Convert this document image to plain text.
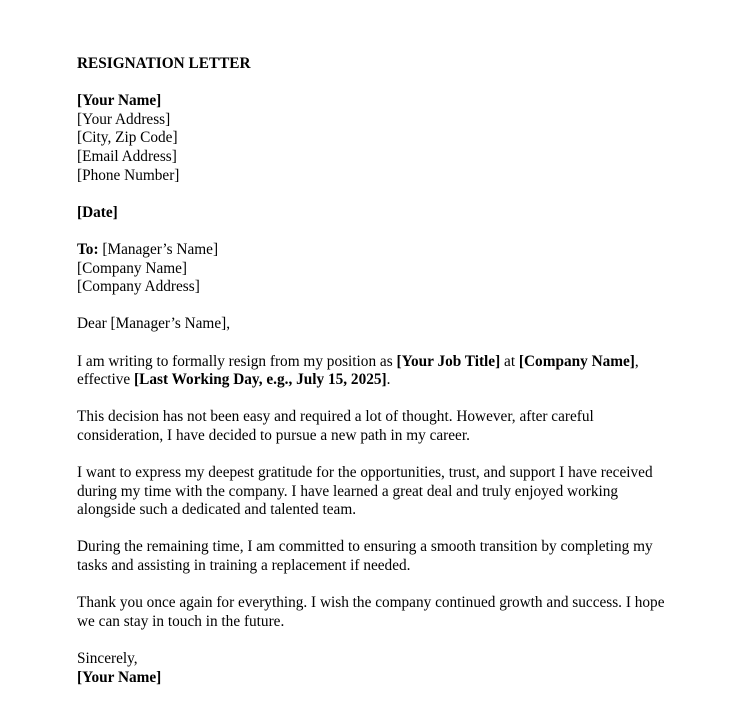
RESIGNATION LETTER
[Your Name]
[Your Address]
[City, Zip Code]
[Email Address]
[Phone Number]
[Date]
To: [Manager’s Name]
[Company Name]
[Company Address]
Dear [Manager’s Name],
I am writing to formally resign from my position as [Your Job Title] at [Company Name],
effective [Last Working Day, e.g., July 15, 2025].
This decision has not been easy and required a lot of thought. However, after careful
consideration, I have decided to pursue a new path in my career.
I want to express my deepest gratitude for the opportunities, trust, and support I have received
during my time with the company. I have learned a great deal and truly enjoyed working
alongside such a dedicated and talented team.
During the remaining time, I am committed to ensuring a smooth transition by completing my
tasks and assisting in training a replacement if needed.
Thank you once again for everything. I wish the company continued growth and success. I hope
we can stay in touch in the future.
Sincerely,
[Your Name]
